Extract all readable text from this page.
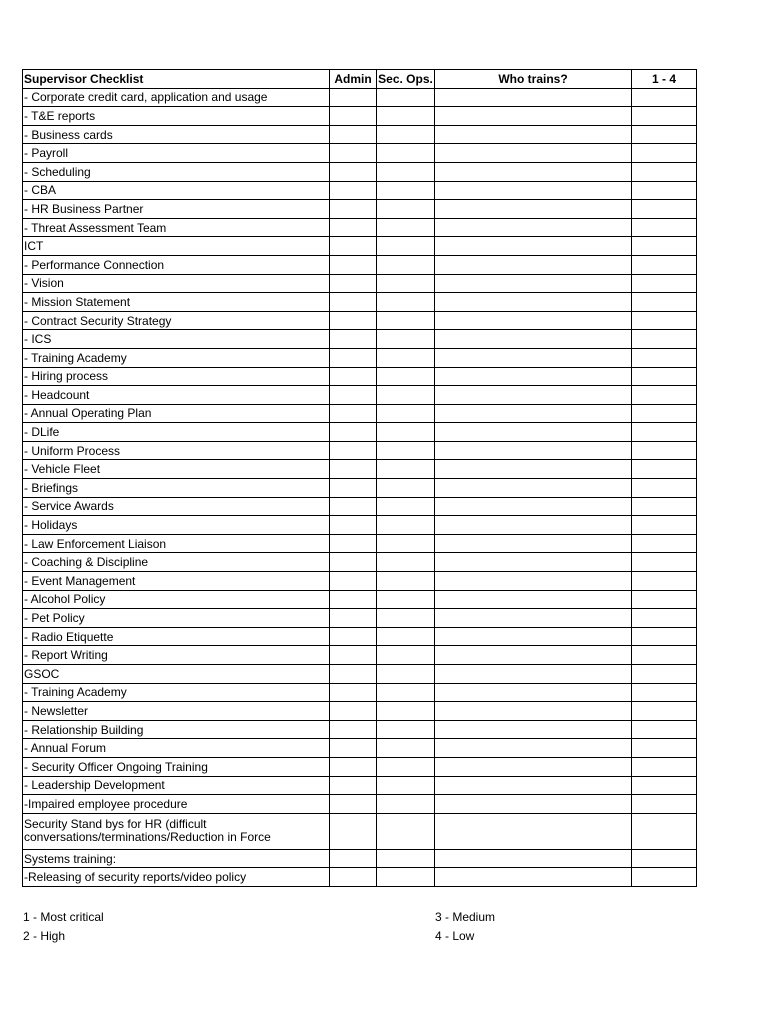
Supervisor Checklist	Admin	Sec. Ops.	Who trains?	1 - 4
- Corporate credit card, application and usage				
- T&E reports				
- Business cards				
- Payroll				
- Scheduling				
- CBA				
- HR Business Partner				
- Threat Assessment Team				
ICT				
- Performance Connection				
- Vision				
- Mission Statement				
- Contract Security Strategy				
- ICS				
- Training Academy				
- Hiring process				
- Headcount				
- Annual Operating Plan				
- DLife				
- Uniform Process				
- Vehicle Fleet				
- Briefings				
- Service Awards				
- Holidays				
- Law Enforcement Liaison				
- Coaching & Discipline				
- Event Management				
- Alcohol Policy				
- Pet Policy				
- Radio Etiquette				
- Report Writing				
GSOC				
- Training Academy				
- Newsletter				
- Relationship Building				
- Annual Forum				
- Security Officer Ongoing Training				
- Leadership Development				
-Impaired employee procedure				
Security Stand bys for HR (difficult conversations/terminations/Reduction in Force				
Systems training:				
-Releasing of security reports/video policy				
1 - Most critical
2 - High
3 - Medium
4 - Low
